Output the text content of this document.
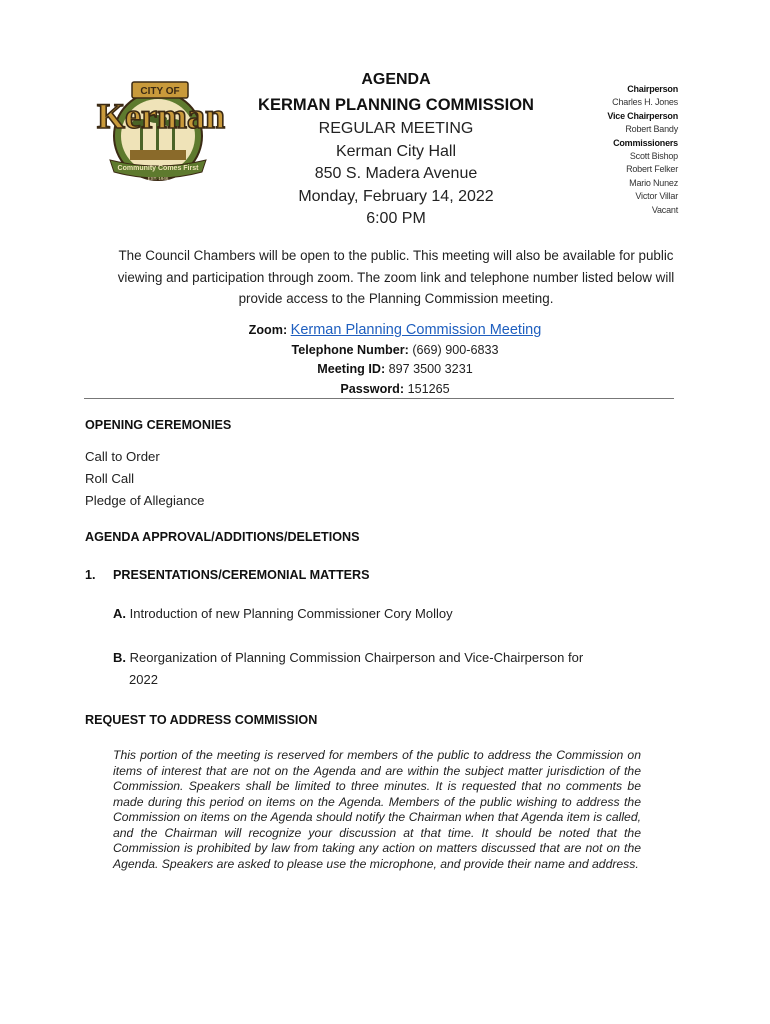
CITY OF
Kerman
Community Comes First
EST. 1946
AGENDA
KERMAN PLANNING COMMISSION
REGULAR MEETING
Kerman City Hall
850 S. Madera Avenue
Monday, February 14, 2022
6:00 PM
Chairperson
Charles H. Jones
Vice Chairperson
Robert Bandy
Commissioners
Scott Bishop
Robert Felker
Mario Nunez
Victor Villar
Vacant
The Council Chambers will be open to the public. This meeting will also be available for public
viewing and participation through zoom. The zoom link and telephone number listed below will
provide access to the Planning Commission meeting.
Zoom: Kerman Planning Commission Meeting
Telephone Number: (669) 900-6833
Meeting ID: 897 3500 3231
Password: 151265
OPENING CEREMONIES
Call to Order
Roll Call
Pledge of Allegiance
AGENDA APPROVAL/ADDITIONS/DELETIONS
1. PRESENTATIONS/CEREMONIAL MATTERS
A. Introduction of new Planning Commissioner Cory Molloy
B. Reorganization of Planning Commission Chairperson and Vice-Chairperson for
2022
REQUEST TO ADDRESS COMMISSION
This portion of the meeting is reserved for members of the public to address the Commission on items of interest that are not on the Agenda and are within the subject matter jurisdiction of the Commission. Speakers shall be limited to three minutes. It is requested that no comments be made during this period on items on the Agenda. Members of the public wishing to address the Commission on items on the Agenda should notify the Chairman when that Agenda item is called, and the Chairman will recognize your discussion at that time. It should be noted that the Commission is prohibited by law from taking any action on matters discussed that are not on the Agenda. Speakers are asked to please use the microphone, and provide their name and address.
